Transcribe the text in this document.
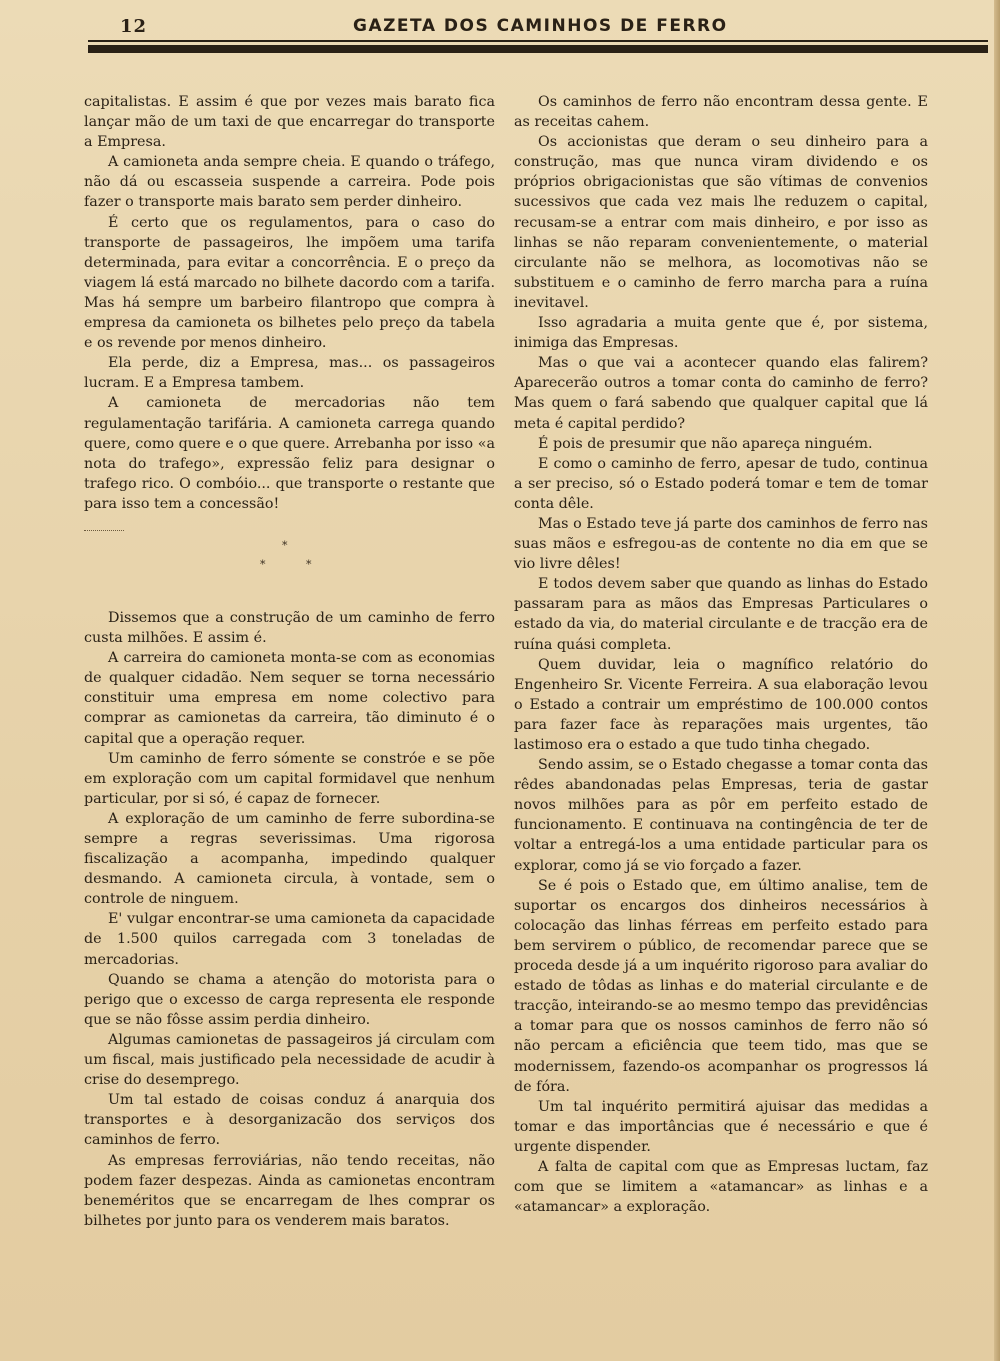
12	GAZETA DOS CAMINHOS DE FERRO

capitalistas. E assim é que por vezes mais barato fica lançar mão de um taxi de que encarregar do transporte a Empresa.

A camioneta anda sempre cheia. E quando o tráfego, não dá ou escasseia suspende a carreira. Pode pois fazer o transporte mais barato sem perder dinheiro.

É certo que os regulamentos, para o caso do transporte de passageiros, lhe impõem uma tarifa determinada, para evitar a concorrência. E o preço da viagem lá está marcado no bilhete dacordo com a tarifa. Mas há sempre um barbeiro filantropo que compra à empresa da camioneta os bilhetes pelo preço da tabela e os revende por menos dinheiro.

Ela perde, diz a Empresa, mas... os passageiros lucram. E a Empresa tambem.

A camioneta de mercadorias não tem regulamentação tarifária. A camioneta carrega quando quere, como quere e o que quere. Arrebanha por isso «a nota do trafego», expressão feliz para designar o trafego rico. O combóio... que transporte o restante que para isso tem a concessão!

*
*	*

Dissemos que a construção de um caminho de ferro custa milhões. E assim é.

A carreira do camioneta monta-se com as economias de qualquer cidadão. Nem sequer se torna necessário constituir uma empresa em nome colectivo para comprar as camionetas da carreira, tão diminuto é o capital que a operação requer.

Um caminho de ferro sómente se constróe e se põe em exploração com um capital formidavel que nenhum particular, por si só, é capaz de fornecer.

A exploração de um caminho de ferre subordina-se sempre a regras severissimas. Uma rigorosa fiscalização a acompanha, impedindo qualquer desmando. A camioneta circula, à vontade, sem o controle de ninguem.

E' vulgar encontrar-se uma camioneta da capacidade de 1.500 quilos carregada com 3 toneladas de mercadorias.

Quando se chama a atenção do motorista para o perigo que o excesso de carga representa ele responde que se não fôsse assim perdia dinheiro.

Algumas camionetas de passageiros já circulam com um fiscal, mais justificado pela necessidade de acudir à crise do desemprego.

Um tal estado de coisas conduz á anarquia dos transportes e à desorganizacão dos serviços dos caminhos de ferro.

As empresas ferroviárias, não tendo receitas, não podem fazer despezas. Ainda as camionetas encontram beneméritos que se encarregam de lhes comprar os bilhetes por junto para os venderem mais baratos.

Os caminhos de ferro não encontram dessa gente. E as receitas cahem.

Os accionistas que deram o seu dinheiro para a construção, mas que nunca viram dividendo e os próprios obrigacionistas que são vítimas de convenios sucessivos que cada vez mais lhe reduzem o capital, recusam-se a entrar com mais dinheiro, e por isso as linhas se não reparam convenientemente, o material circulante não se melhora, as locomotivas não se substituem e o caminho de ferro marcha para a ruína inevitavel.

Isso agradaria a muita gente que é, por sistema, inimiga das Empresas.

Mas o que vai a acontecer quando elas falirem? Aparecerão outros a tomar conta do caminho de ferro? Mas quem o fará sabendo que qualquer capital que lá meta é capital perdido?

É pois de presumir que não apareça ninguém.

E como o caminho de ferro, apesar de tudo, continua a ser preciso, só o Estado poderá tomar e tem de tomar conta dêle.

Mas o Estado teve já parte dos caminhos de ferro nas suas mãos e esfregou-as de contente no dia em que se vio livre dêles!

E todos devem saber que quando as linhas do Estado passaram para as mãos das Empresas Particulares o estado da via, do material circulante e de tracção era de ruína quási completa.

Quem duvidar, leia o magnífico relatório do Engenheiro Sr. Vicente Ferreira. A sua elaboração levou o Estado a contrair um empréstimo de 100.000 contos para fazer face às reparações mais urgentes, tão lastimoso era o estado a que tudo tinha chegado.

Sendo assim, se o Estado chegasse a tomar conta das rêdes abandonadas pelas Empresas, teria de gastar novos milhões para as pôr em perfeito estado de funcionamento. E continuava na contingência de ter de voltar a entregá-los a uma entidade particular para os explorar, como já se vio forçado a fazer.

Se é pois o Estado que, em último analise, tem de suportar os encargos dos dinheiros necessários à colocação das linhas férreas em perfeito estado para bem servirem o público, de recomendar parece que se proceda desde já a um inquérito rigoroso para avaliar do estado de tôdas as linhas e do material circulante e de tracção, inteirando-se ao mesmo tempo das previdências a tomar para que os nossos caminhos de ferro não só não percam a eficiência que teem tido, mas que se modernissem, fazendo-os acompanhar os progressos lá de fóra.

Um tal inquérito permitirá ajuisar das medidas a tomar e das importâncias que é necessário e que é urgente dispender.

A falta de capital com que as Empresas luctam, faz com que se limitem a «atamancar» as linhas e a «atamancar» a exploração.
